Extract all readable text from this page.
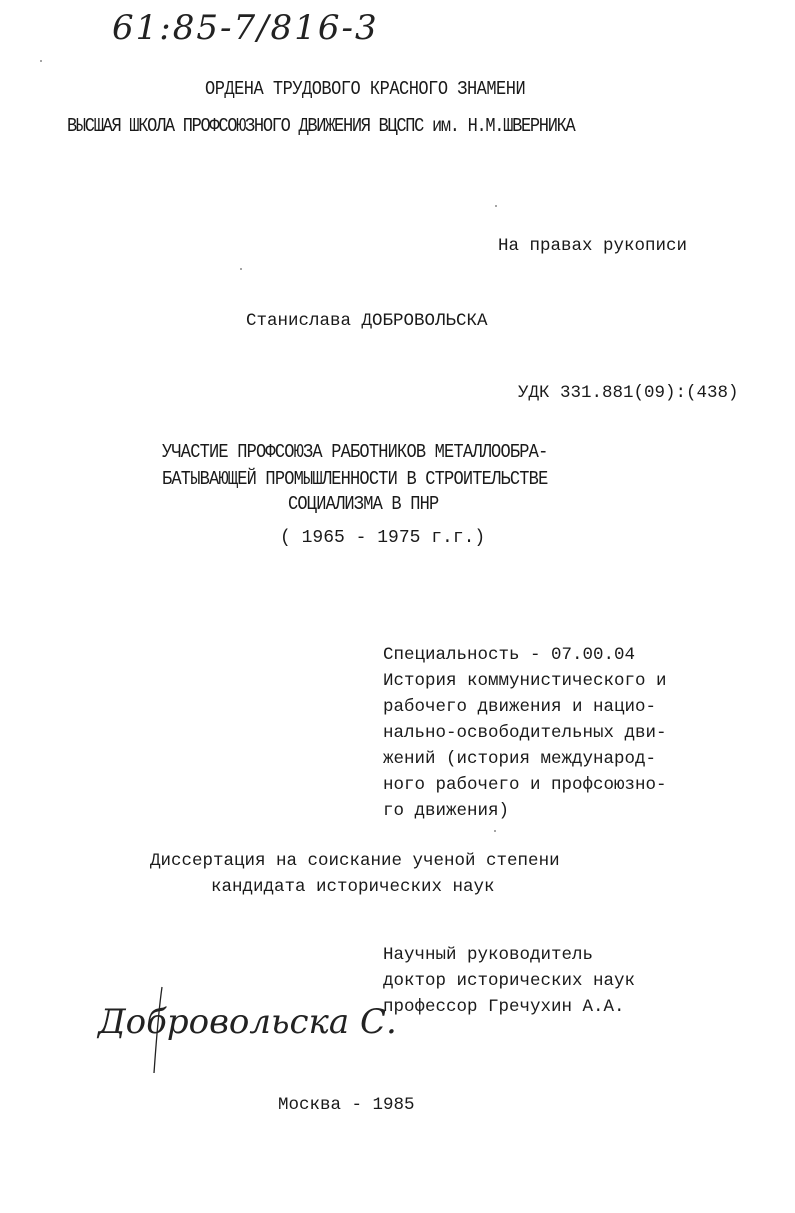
61:85-7/816-3
ОРДЕНА ТРУДОВОГО КРАСНОГО ЗНАМЕНИ
ВЫСШАЯ ШКОЛА ПРОФСОЮЗНОГО ДВИЖЕНИЯ ВЦСПС им. Н.М.ШВЕРНИКА
На правах рукописи
Станислава ДОБРОВОЛЬСКА
УДК 331.881(09):(438)
УЧАСТИЕ ПРОФСОЮЗА РАБОТНИКОВ МЕТАЛЛООБРА-
БАТЫВАЮЩЕЙ ПРОМЫШЛЕННОСТИ В СТРОИТЕЛЬСТВЕ
СОЦИАЛИЗМА В ПНР
( 1965 - 1975 г.г.)
Специальность - 07.00.04
История коммунистического и
рабочего движения и нацио-
нально-освободительных дви-
жений (история международ-
ного рабочего и профсоюзно-
го движения)
Диссертация на соискание ученой степени
кандидата исторических наук
Научный руководитель
доктор исторических наук
профессор Гречухин А.А.
Добровольска С.
Москва - 1985
